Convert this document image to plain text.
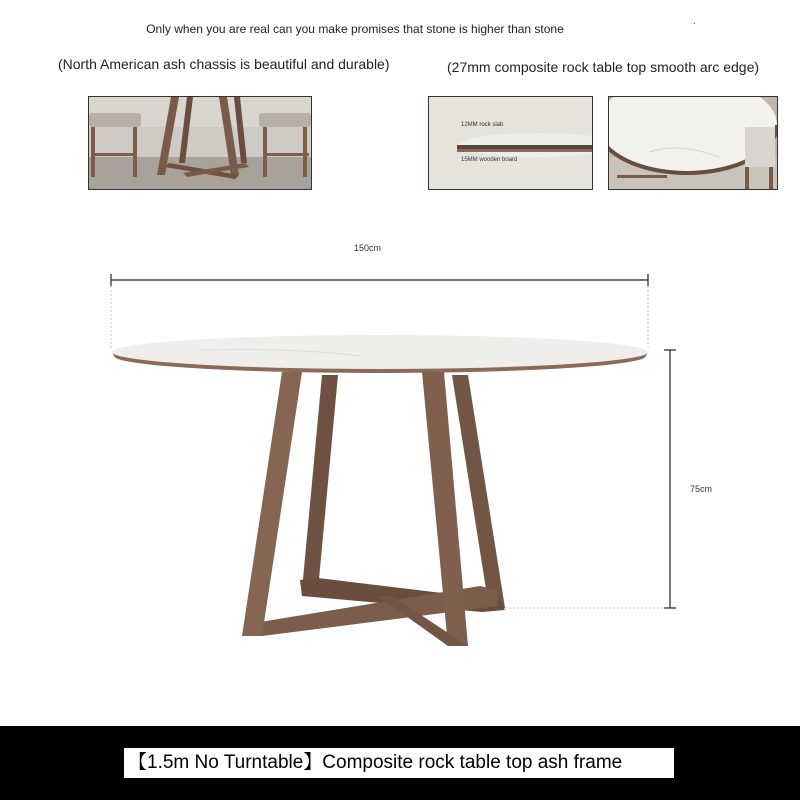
Only when you are real can you make promises that stone is higher than stone
.
(North American ash chassis is beautiful and durable)	(27mm composite rock table top smooth arc edge)
12MM rock slab
15MM wooden board
150cm
75cm
【1.5m No Turntable】Composite rock table top ash frame
